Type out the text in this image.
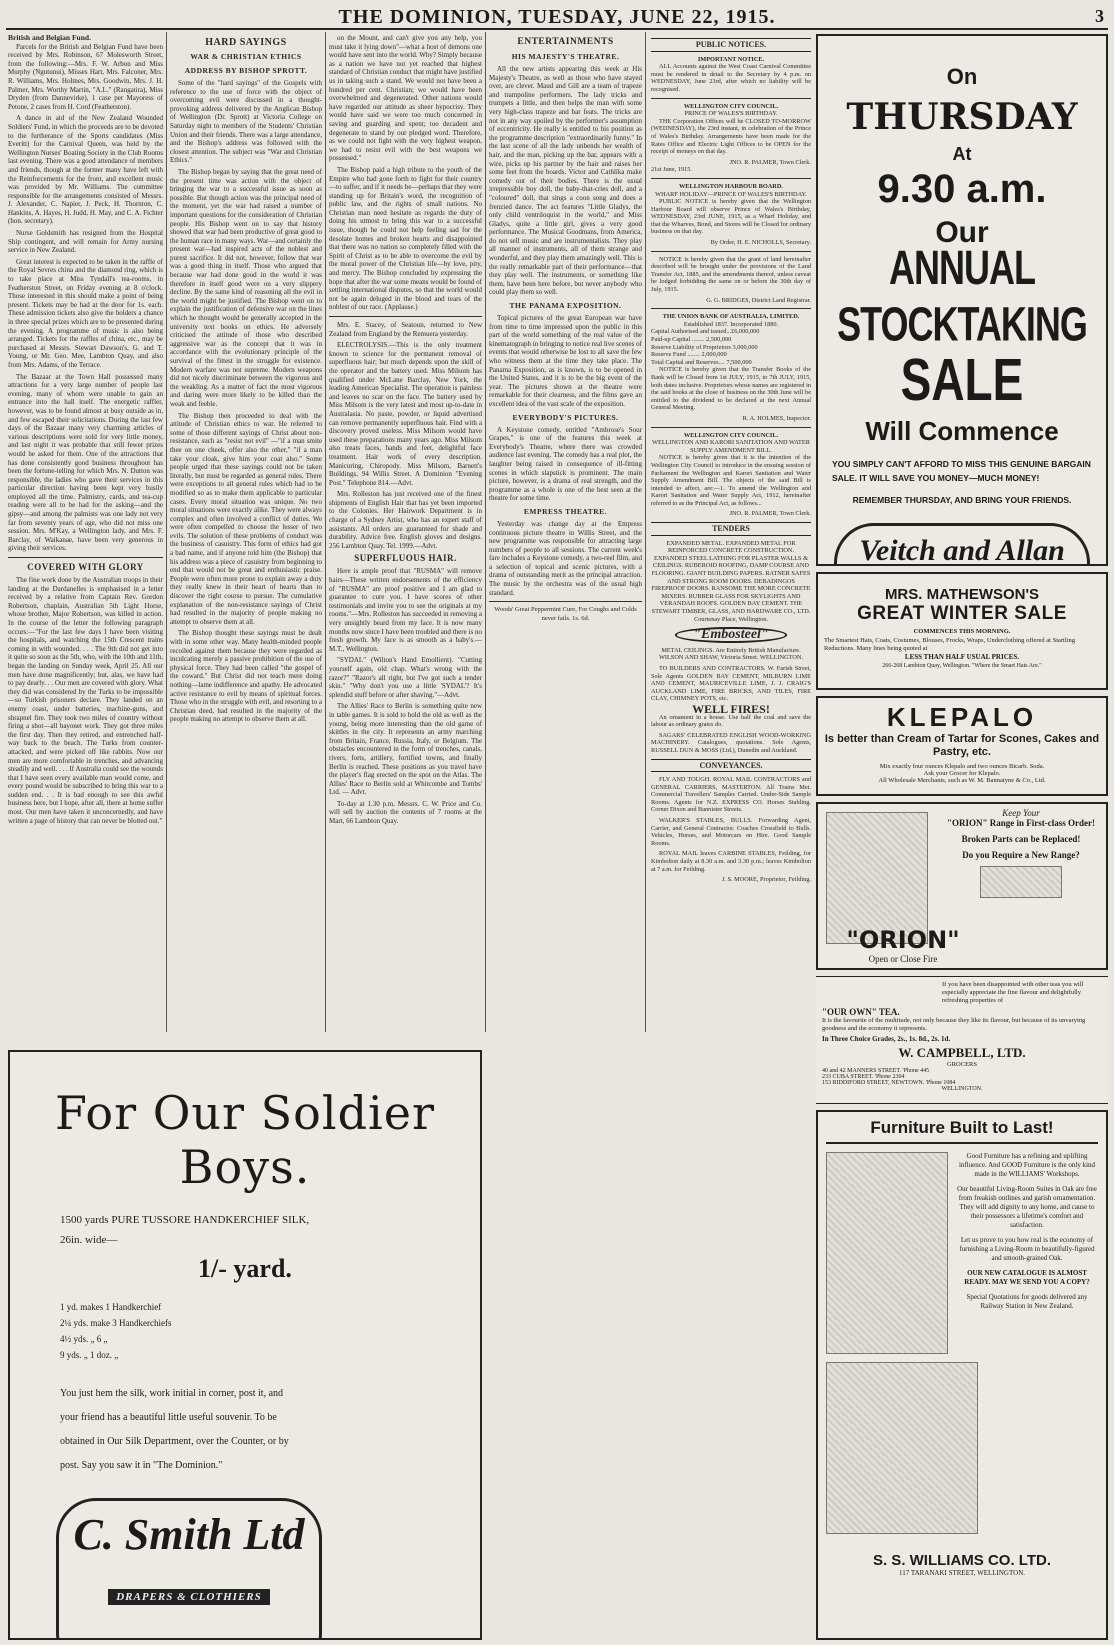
THE DOMINION, TUESDAY, JUNE 22, 1915.	3
British and Belgian Fund.

Parcels for the British and Belgian Fund have been received by Mrs. Robinson, 67 Molesworth Street, from the following:—Mrs. F. W. Arbon and Miss Murphy (Ngutunui), Misses Hart, Mrs. Falconer, Mrs. R. Williams, Mrs. Holmes, Mrs. Goodwin, Mrs. J. H. Palmer, Mrs. Worthy Martin, "A.L." (Rangatira), Miss Dryden (from Dannevirke), 1 case per Mayoress of Petone, 2 cases from H. Cord (Featherston).

A dance in aid of the New Zealand Wounded Soldiers' Fund, in which the proceeds are to be devoted to the furtherance of the Sports candidates (Miss Everitt) for the Carnival Queen, was held by the Wellington Nurses' Boating Society in the Club Rooms last evening. There was a good attendance of members and friends, though at the former many have left with the Reinforcements for the front, and excellent music was provided by Mr. Williams. The committee responsible for the arrangements consisted of Messrs. J. Alexander, C. Napier, J. Peck, H. Thornton, C. Hankins, A. Hayes, H. Judd, H. May, and C. A. Fichter (hon. secretary).

Nurse Goldsmith has resigned from the Hospital Ship contingent, and will remain for Army nursing service in New Zealand.

Great interest is expected to be taken in the raffle of the Royal Sevres china and the diamond ring, which is to take place at Miss Tyndall's tea-rooms, in Featherston Street, on Friday evening at 8 o'clock. Those interested in this should make a point of being present. Tickets may be had at the door for 1s. each. These admission tickets also give the holders a chance in three special prizes which are to be presented during the evening. A programme of music is also being arranged. Tickets for the raffles of china, etc., may be purchased at Messrs. Stewart Dawson's, G. and T. Young, or Mr. Geo. Mee, Lambton Quay, and also from Mrs. Adams, of the Terrace.

The Bazaar at the Town Hall possessed many attractions for a very large number of people last evening, many of whom were unable to gain an entrance into the hall itself. The energetic raffler, however, was to be found almost at busy outside as in, and few escaped their solicitations. During the last few days of the Bazaar many very charming articles of various descriptions were sold for very little money, and last night it was probable that still fewer prizes would be asked for them. One of the attractions that has done consistently good business throughout has been the fortune-telling for which Mrs. N. Dutton was responsible, the ladies who gave their services in this particular direction having been kept very busily employed all the time. Palmistry, cards, and tea-cup reading were all to be had for the asking—and the gipsy—and among the palmists was one lady not very far from seventy years of age, who did not miss one session. Mrs. M'Kay, a Wellington lady, and Mrs. F. Barclay, of Waikanae, have been very generous in giving their services.

COVERED WITH GLORY

The fine work done by the Australian troops in their landing at the Dardanelles is emphasised in a letter received by a relative from Captain Rev. Gordon Robertson, chaplain, Australian 5th Light Horse, whose brother, Major Robertson, was killed in action. In the course of the letter the following paragraph occurs:—"For the last few days I have been visiting the hospitals, and watching the 15th Crescent trains coming in with wounded. . . . The 9th did not get into it quite so soon as the 5th, who, with the 10th and 11th, began the landing on Sunday week, April 25. All our men have done magnificently; but, alas, we have had to pay dearly. . . Our men are covered with glory. What they did was considered by the Turks to be impossible—so Turkish prisoners declare. They landed on an enemy coast, under batteries, machine-guns, and shrapnel fire. They took two miles of country without firing a shot—all bayonet work. They got three miles the first day. Then they retired, and entrenched half-way back to the beach. The Turks from counter-attacked, and were picked off like rabbits. Now our men are more comfortable in trenches, and advancing steadily and well. . . . If Australia could see the wounds that I have seen every available man would come, and every pound would be subscribed to bring this war to a sudden end. . . It is bad enough to see this awful business here, but I hope, after all, there at home suffer most. Our men have taken it unconcernedly, and have written a page of history that can never be blotted out."

HARD SAYINGS
WAR & CHRISTIAN ETHICS
ADDRESS BY BISHOP SPROTT.

Some of the "hard sayings" of the Gospels with reference to the use of force with the object of overcoming evil were discussed in a thought-provoking address delivered by the Anglican Bishop of Wellington (Dr. Sprott) at Victoria College on Saturday night to members of the Students' Christian Union and their friends. There was a large attendance, and the Bishop's address was followed with the closest attention. The subject was "War and Christian Ethics."

The Bishop began by saying that the great need of the present time was action with the object of bringing the war to a successful issue as soon as possible. But though action was the principal need of the moment, yet the war had raised a number of important questions for the consideration of Christian people. His Bishop went on to say that history showed that war had been productive of great good to the human race in many ways. War—and certainly the present war—had inspired acts of the noblest and purest sacrifice. It did not, however, follow that war was a good thing in itself. Those who argued that because war had done good in the world it was therefore in itself good were on a very slippery decline. By the same kind of reasoning all the evil in the world might be justified. The Bishop went on to explain the justification of defensive war on the lines which he thought would be generally accepted in the university text books on ethics. He adversely criticised the attitude of those who described aggressive war as the concept that it was in accordance with the evolutionary principle of the survival of the fittest in the struggle for existence. Modern warfare was not supreme. Modern weapons did not nicely discriminate between the vigorous and the weakling. As a matter of fact the most vigorous and daring were more likely to be killed than the weak and feeble.

The Bishop then proceeded to deal with the attitude of Christian ethics to war. He referred to some of those different sayings of Christ about non-resistance, such as "resist not evil" —"if a man smite thee on one cheek, offer also the other," "if a man take your cloak, give him your coat also." Some people urged that these sayings could not be taken literally, but must be regarded as general rules. There were exceptions to all general rules which had to be modified so as to make them applicable to particular cases. Every moral situation was unique. No two moral situations were exactly alike. They were always complex and often involved a conflict of duties. We were often compelled to choose the lesser of two evils. The solution of these problems of conduct was the business of casuistry. This form of ethics had got a bad name, and if anyone told him (the Bishop) that his address was a piece of casuistry from beginning to end that would not be great and enthusiastic praise. People were often more prone to explain away a duty they really knew in their heart of hearts than to discover the right course to pursue. The cumulative explanation of the non-resistance sayings of Christ had resulted in the majority of people making no attempt to observe them at all.

The Bishop thought these sayings must be dealt with in some other way. Many health-minded people recoiled against them because they were regarded as inculcating merely a passive prohibition of the use of physical force. They had been called "the gospel of the coward." But Christ did not teach mere doing nothing—lame indifference and apathy. He advocated active resistance to evil by means of spiritual forces. Those who in the struggle with evil, and resorting to a Christian deed, had resulted in the majority of the people making no attempt to observe them at all.

on the Mount, and can't give you any help, you must take it lying down"—what a host of demons one would have sent into the world. Why? Simply because as a nation we have not yet reached that highest standard of Christian conduct that might have justified us in taking such a stand. We would not have been a hundred per cent. Christian; we would have been overwhelmed and degenerated. Other nations would have regarded our attitude as sheer hypocrisy. They would have said we were too much concerned in saving and guarding and spent; too decadent and degenerate to stand by our pledged word. Therefore, as we could not fight with the very highest weapon, we had to resist evil with the best weapons we possessed."

The Bishop paid a high tribute to the youth of the Empire who had gone forth to fight for their country—to suffer, and if it needs be—perhaps that they were standing up for Britain's word, the recognition of public law, and the rights of small nations. No Christian man need hesitate as regards the duty of doing his utmost to bring this war to a successful issue, though he could not help feeling sad for the desolate homes and broken hearts and disappointed that there was no nation so completely filled with the Spirit of Christ as to be able to overcome the evil by the moral power of the Christian life—by love, pity, and mercy. The Bishop concluded by expressing the hope that after the war some means would be found of settling international disputes, so that the world would not be again deluged in the blood and tears of the noblest of our race. (Applause.)

Mrs. E. Stacey, of Seatoun, returned to New Zealand from England by the Remuera yesterday.

ELECTROLYSIS.—This is the only treatment known to science for the permanent removal of superfluous hair; but much depends upon the skill of the operator and the battery used. Miss Milsom has qualified under McLane Barclay, New York, the leading American Specialist. The operation is painless and leaves no scar on the face. The battery used by Miss Milsom is the very latest and most up-to-date in Australasia. No paste, powder, or liquid advertised can remove permanently superfluous hair. Find with a discovery proved useless. Miss Milsom would have used these preparations many years ago. Miss Milsom also treats faces, hands and feet, delightful face treatment. Hair work of every description. Manicuring, Chiropody. Miss Milsom, Barnett's Buildings, 94 Willis Street. A Dominion "Evening Post." Telephone 814.—Advt.

Mrs. Rolleston has just received one of the finest shipments of English Hair that has yet been imported to the Colonies. Her Hairwork Department is in charge of a Sydney Artist, who has an expert staff of assistants. All orders are guaranteed for shade and durability. Advice free. English gloves and designs. 256 Lambton Quay. Tel. 1999.—Advt.

SUPERFLUOUS HAIR.

Here is ample proof that "RUSMA" will remove hairs—These written endorsements of the efficiency of "RUSMA" are proof positive and I am glad to guarantee to cure you. I have scores of other testimonials and invite you to see the originals at my rooms."—Mrs. Rolleston has succeeded in removing a very unsightly beard from my face. It is now many months now since I have been troubled and there is no fresh growth. My face is as smooth as a baby's.—M.T., Wellington.

"SYDAL" (Wilton's Hand Emollient). "Cutting yourself again, old chap. What's wrong with the razor?" "Razor's all right, but I've got such a tender skin." "Why don't you use a little 'SYDAL'? It's splendid stuff before or after shaving."—Advt.

The Allies' Race to Berlin is something quite new in table games. It is sold to bold the old as well as the young, being more interesting than the old game of skittles in the city. It represents an army marching from Britain, France, Russia, Italy, or Belgium. The obstacles encountered in the form of trenches, canals, rivers, forts, artillery, fortified towns, and finally Berlin is reached. These positions as you travel have the player's flag erected on the spot on the Atlas. The Allies' Race to Berlin sold at Whitcombe and Tombs' Ltd. — Advt.

To-day at 1.30 p.m. Messrs. C. W. Price and Co. will sell by auction the contents of 7 rooms at the Mart, 66 Lambton Quay.

ENTERTAINMENTS
HIS MAJESTY'S THEATRE.

All the new artists appearing this week at His Majesty's Theatre, as well as those who have stayed over, are clever. Maud and Gill are a team of trapeze and trampoline performers. The lady tricks and trumpets a little, and then helps the man with some very high-class trapeze and bar feats. The tricks are not in any way spoiled by the performer's assumption of eccentricity. He really is entitled to his position as the programme description "extraordinarily funny." In the last scene of all the lady unbends her wealth of hair, and the man, picking up the bar, appears with a wire, picks up his partner by the hair and raises her some feet from the boards. Victor and Cathlika make comedy out of their bodies. There is the usual irrepressible boy doll, the baby-that-cries doll, and a "coloured" doll, that sings a coon song and does a frenzied dance. The act features "Little Gladys, the only child ventriloquist in the world," and Miss Gladys, quite a little girl, gives a very good performance. The Musical Goodmans, from America, do not sell music and are instrumentalists. They play all manner of instruments, all of them strange and wonderful, and they play them amazingly well. This is the really remarkable part of their performance—that they play well. The instruments, or something like them, have been here before, but never anybody who could play them so well.

THE PANAMA EXPOSITION.

Topical pictures of the great European war have from time to time impressed upon the public in this part of the world something of the real value of the kinematograph in bringing to notice real live scenes of events that would otherwise be lost to all save the few who witness them at the time they take place. The Panama Exposition, as is known, is to be opened in the United States, and it is to be the big event of the year. The pictures shown at the theatre were remarkable for their clearness, and the films gave an excellent idea of the vast scale of the exposition.

EVERYBODY'S PICTURES.

A Keystone comedy, entitled "Ambrose's Sour Grapes," is one of the features this week at Everybody's Theatre, where there was crowded audience last evening. The comedy has a real plot, the laughter being raised in consequence of ill-fitting scenes in which slapstick is prominent. The main picture, however, is a drama of real strength, and the programme as a whole is one of the best seen at the theatre for some time.

EMPRESS THEATRE.

Yesterday was change day at the Empress continuous picture theatre in Willis Street, and the new programme was responsible for attracting large numbers of people to all sessions. The current week's fare includes a Keystone comedy, a two-reel film, and a selection of topical and scenic pictures, with a drama of outstanding merit as the principal attraction. The music by the orchestra was of the usual high standard.

Woods' Great Peppermint Cure, For Coughs and Colds never fails. 1s. 6d.
On
THURSDAY
At
9.30 a.m.
Our
ANNUAL STOCKTAKING
SALE
Will Commence
YOU SIMPLY CAN'T AFFORD TO MISS THIS GENUINE BARGAIN SALE. IT WILL SAVE YOU MONEY—MUCH MONEY!
REMEMBER THURSDAY, AND BRING YOUR FRIENDS.
Veitch and Allan
PUBLIC NOTICES.
IMPORTANT NOTICE.

ALL Accounts against the West Coast Carnival Committee must be rendered in detail to the Secretary by 4 p.m. on WEDNESDAY, June 23rd, after which no liability will be recognised.

WELLINGTON CITY COUNCIL.
PRINCE OF WALES'S BIRTHDAY.

THE Corporation Offices will be CLOSED TO-MORROW (WEDNESDAY), the 23rd instant, in celebration of the Prince of Wales's Birthday. Arrangements have been made for the Rates Office and Electric Light Offices to be OPEN for the receipt of moneys on that day.

JNO. R. PALMER, Town Clerk.
21st June, 1915.
WELLINGTON HARBOUR BOARD.
WHARF HOLIDAY—PRINCE OF WALES'S BIRTHDAY.

PUBLIC NOTICE is hereby given that the Wellington Harbour Board will observe Prince of Wales's Birthday, WEDNESDAY, 23rd JUNE, 1915, as a Wharf Holiday, and that the Wharves, Bond, and Stores will be Closed for ordinary business on that day.

By Order, H. E. NICHOLLS, Secretary.

NOTICE is hereby given that the grant of land hereinafter described will be brought under the provisions of the Land Transfer Act, 1885, and the amendments thereof, unless caveat be lodged forbidding the same on or before the 30th day of July, 1915.

G. G. BRIDGES, District Land Registrar.
THE UNION BANK OF AUSTRALIA, LIMITED.
Established 1837. Incorporated 1880.
Capital Authorised and issued...£6,000,000
Paid-up Capital ........ 2,500,000
Reserve Liability of Proprietors 3,000,000
Reserve Fund ........ 2,000,000
Total Capital and Reserves.... 7,500,000

NOTICE is hereby given that the Transfer Books of the Bank will be Closed from 1st JULY, 1915, to 7th JULY, 1915, both dates inclusive. Proprietors whose names are registered in the said books at the close of business on the 30th June will be entitled to the dividend to be declared at the next Annual General Meeting.

R. A. HOLMES, Inspector.
WELLINGTON CITY COUNCIL.
WELLINGTON AND KARORI SANITATION AND WATER SUPPLY AMENDMENT BILL.

NOTICE is hereby given that it is the intention of the Wellington City Council to introduce in the ensuing session of Parliament the Wellington and Karori Sanitation and Water Supply Amendment Bill. The objects of the said Bill is intended to affect, are:—1. To amend the Wellington and Karori Sanitation and Water Supply Act, 1912, hereinafter referred to as the Principal Act, as follows...

JNO. R. PALMER, Town Clerk.
TENDERS

EXPANDED METAL. EXPANDED METAL FOR REINFORCED CONCRETE CONSTRUCTION. EXPANDED STEEL LATHING FOR PLASTER WALLS & CEILINGS. RUBEROID ROOFING, DAMP COURSE AND FLOORING. GIANT BUILDING PAPERS. RATNER SAFES AND STRONG ROOM DOORS. DEBADINGOS FIREPROOF DOORS. RANSOME THE MORE CONCRETE MIXERS. RUBBER GLASS FOR SKYLIGHTS AND VERANDAH ROOFS. GOLDEN BAY CEMENT. THE STEWART TIMBER, GLASS, AND HARDWARE CO., LTD. Courtenay Place, Wellington.

"Embosteel"

METAL CEILINGS. Are Entirely British Manufacture. WILSON AND SHAW, Victoria Street. WELLINGTON.

TO BUILDERS AND CONTRACTORS. W. Farish Street, Sole Agents GOLDEN BAY CEMENT, MILBURN LIME AND CEMENT, MAURICEVILLE LIME, J. J. CRAIG'S AUCKLAND LIME, FIRE BRICKS, AND TILES, FIRE CLAY, CHIMNEY POTS, etc.

WELL FIRES!

An ornament in a house. Use half the coal and save the labour as ordinary grates do.

SAGARS' CELEBRATED ENGLISH WOOD-WORKING MACHINERY. Catalogues, quotations. Sole Agents, RUSSELL DUN & MOSS (Ltd.), Dunedin and Auckland.

CONVEYANCES.

FLY AND TOUGH. ROYAL MAIL CONTRACTORS and GENERAL CARRIERS, MASTERTON. All Trains Met. Commercial Travellers' Samples Carried. Under-Side Sample Rooms. Agents for N.Z. EXPRESS CO. Horses Stabling. Corner Dixon and Bannister Streets.

WALKER'S STABLES, BULLS. Forwarding Agent, Carrier, and General Contractor. Coaches Crossfield to Bulls. Vehicles, Horses, and Motorcars on Hire. Good Sample Rooms.

ROYAL MAIL leaves CARBINE STABLES, Feilding, for Kimbolton daily at 8.30 a.m. and 3.30 p.m.; leaves Kimbolton at 7 a.m. for Feilding.

J. S. MOORE, Proprietor, Feilding.
MRS. MATHEWSON'S
GREAT WINTER SALE
COMMENCES THIS MORNING.
The Smartest Hats, Coats, Costumes, Blouses, Frocks, Wraps, Underclothing offered at Startling Reductions. Many lines being quoted at
LESS THAN HALF USUAL PRICES.
266-268 Lambton Quay, Wellington. "Where the Smart Hats Are."
KLEPALO
Is better than Cream of Tartar for Scones, Cakes and Pastry, etc.
Mix exactly four ounces Klepalo and two ounces Bicarb. Soda.
Ask your Grocer for Klepalo.
All Wholesale Merchants, such as W. M. Bannatyne & Co., Ltd.
Keep Your
"ORION" Range in First-class Order!
Broken Parts can be Replaced!
Do you Require a New Range?
"ORION"
Open or Close Fire
If you have been disappointed with other teas you will especially appreciate the fine flavour and delightfully refreshing properties of
"OUR OWN" TEA.
It is the favourite of the multitude, not only because they like its flavour, but because of its unvarying goodness and the economy it represents.
In Three Choice Grades, 2s., 1s. 8d., 2s. 1d.
W. CAMPBELL, LTD.
GROCERS
40 and 42 MANNERS STREET. 'Phone 445
233 CUBA STREET. 'Phone 2304
153 RIDDIFORD STREET, NEWTOWN. 'Phone 1084
WELLINGTON.
Furniture Built to Last!

Good Furniture has a refining and uplifting influence. And GOOD Furniture is the only kind made in the WILLIAMS' Workshops.

Our beautiful Living-Room Suites in Oak are free from freakish outlines and garish ornamentation. They will add dignity to any home, and cause to their possessors a lifetime's comfort and satisfaction.

Let us prove to you how real is the economy of furnishing a Living-Room in beautifully-figured and smooth-grained Oak.

OUR NEW CATALOGUE IS ALMOST READY. MAY WE SEND YOU A COPY?

Special Quotations for goods delivered any Railway Station in New Zealand.

S. S. WILLIAMS CO. LTD.
117 TARANAKI STREET, WELLINGTON.
For Our Soldier Boys.
1500 yards PURE TUSSORE HANDKERCHIEF SILK,
26in. wide—
1/- yard.
1 yd. makes 1 Handkerchief
2¼ yds. make 3 Handkerchiefs
4½ yds. „ 6 „
9 yds. „ 1 doz. „
You just hem the silk, work initial in corner, post it, and
your friend has a beautiful little useful souvenir. To be
obtained in Our Silk Department, over the Counter, or by
post. Say you saw it in "The Dominion."
C. Smith Ltd
DRAPERS & CLOTHIERS
